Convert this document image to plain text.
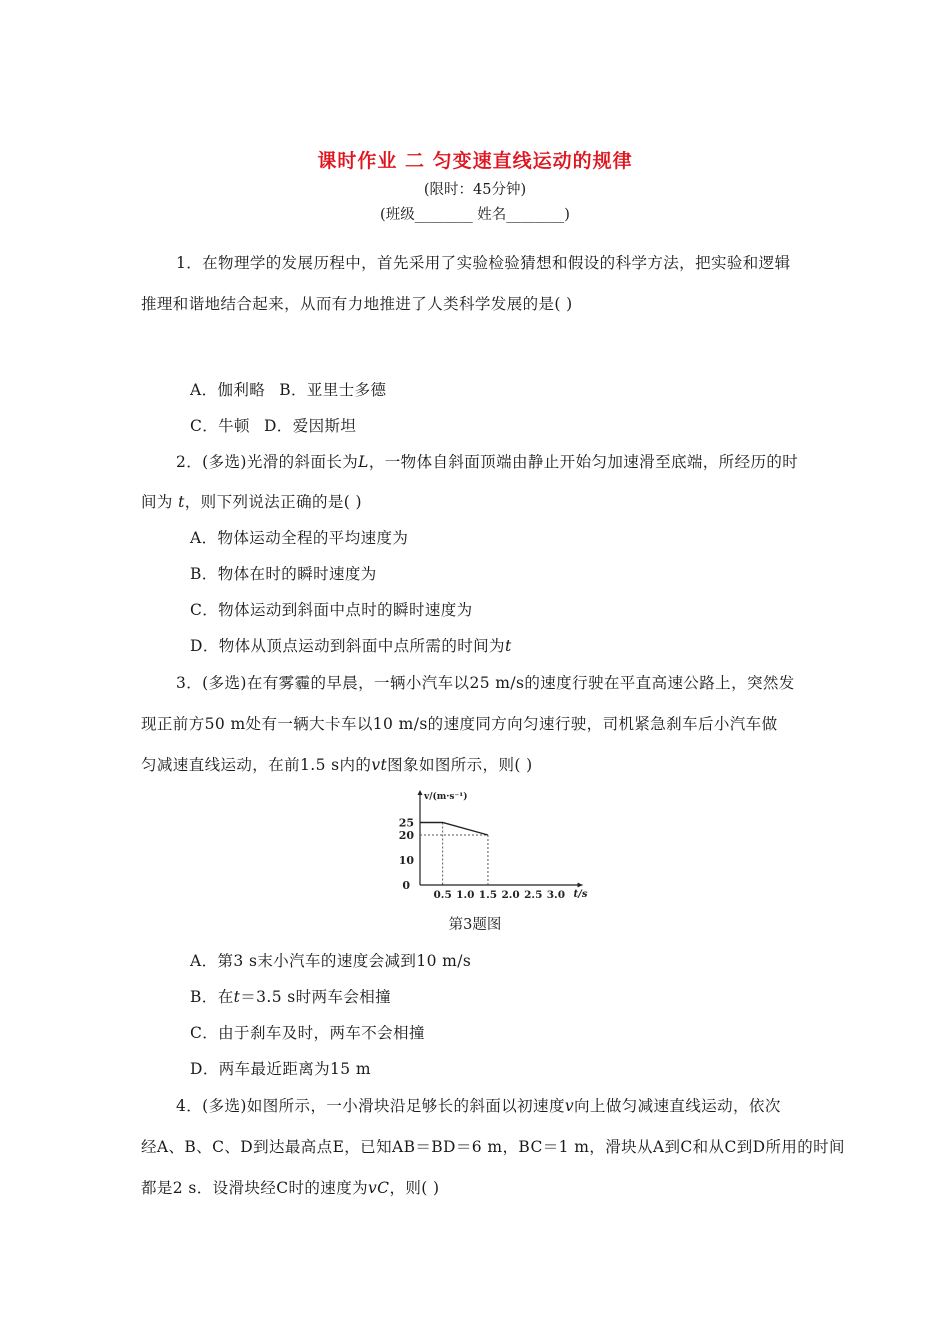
课时作业 二 匀变速直线运动的规律
(限时：45分钟)
(班级________ 姓名________)
1．在物理学的发展历程中，首先采用了实验检验猜想和假设的科学方法，把实验和逻辑
推理和谐地结合起来，从而有力地推进了人类科学发展的是( )
A．伽利略 B．亚里士多德
C．牛顿 D．爱因斯坦
2．(多选)光滑的斜面长为L，一物体自斜面顶端由静止开始匀加速滑至底端，所经历的时
间为 t，则下列说法正确的是( )
A．物体运动全程的平均速度为
B．物体在时的瞬时速度为
C．物体运动到斜面中点时的瞬时速度为
D．物体从顶点运动到斜面中点所需的时间为t
3．(多选)在有雾霾的早晨，一辆小汽车以25 m/s的速度行驶在平直高速公路上，突然发
现正前方50 m处有一辆大卡车以10 m/s的速度同方向匀速行驶，司机紧急刹车后小汽车做
匀减速直线运动，在前1.5 s内的vt图象如图所示，则( )
v/(m·s⁻¹)
t/s
0
10
20
25
0.5 1.0 1.5 2.0 2.5 3.0
第3题图
A．第3 s末小汽车的速度会减到10 m/s
B．在t＝3.5 s时两车会相撞
C．由于刹车及时，两车不会相撞
D．两车最近距离为15 m
4．(多选)如图所示，一小滑块沿足够长的斜面以初速度v向上做匀减速直线运动，依次
经A、B、C、D到达最高点E，已知AB＝BD＝6 m，BC＝1 m，滑块从A到C和从C到D所用的时间
都是2 s．设滑块经C时的速度为vC，则( )
